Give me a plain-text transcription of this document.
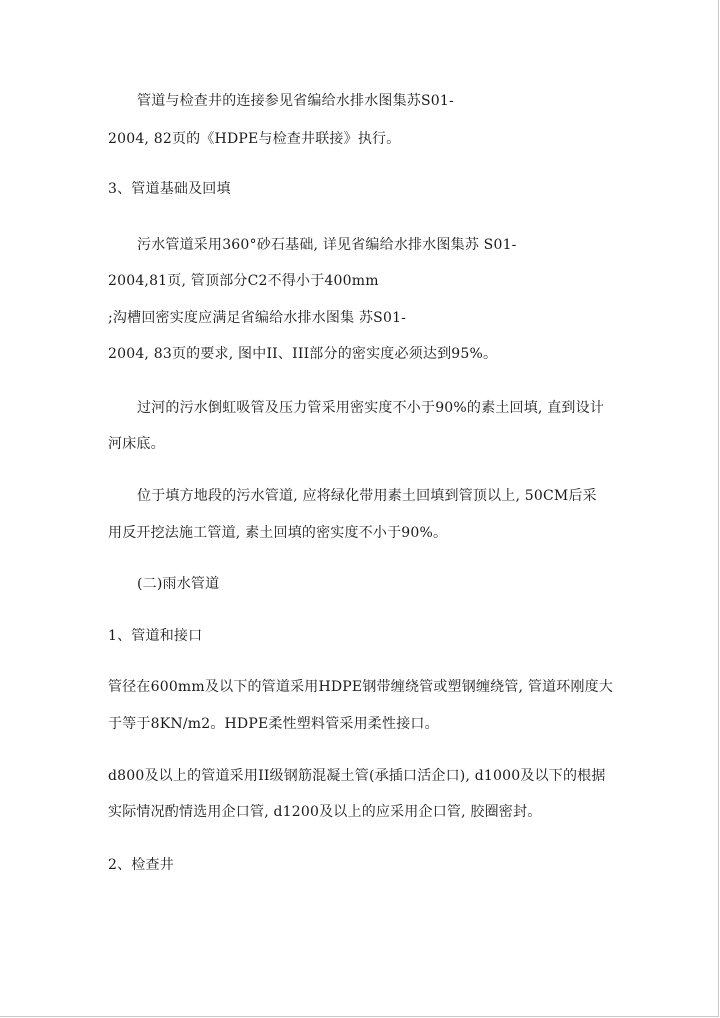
管道与检查井的连接参见省编给水排水图集苏S01-
2004, 82页的《HDPE与检查井联接》执行。
3、管道基础及回填
污水管道采用360°砂石基础, 详见省编给水排水图集苏 S01-
2004,81页, 管顶部分C2不得小于400mm
;沟槽回密实度应满足省编给水排水图集 苏S01-
2004, 83页的要求, 图中II、III部分的密实度必须达到95%。
过河的污水倒虹吸管及压力管采用密实度不小于90%的素土回填, 直到设计
河床底。
位于填方地段的污水管道, 应将绿化带用素土回填到管顶以上, 50CM后采
用反开挖法施工管道, 素土回填的密实度不小于90%。
(二)雨水管道
1、管道和接口
管径在600mm及以下的管道采用HDPE钢带缠绕管或塑钢缠绕管, 管道环刚度大
于等于8KN/m2。HDPE柔性塑料管采用柔性接口。
d800及以上的管道采用II级钢筋混凝土管(承插口活企口), d1000及以下的根据
实际情况酌情选用企口管, d1200及以上的应采用企口管, 胶圈密封。
2、检查井
